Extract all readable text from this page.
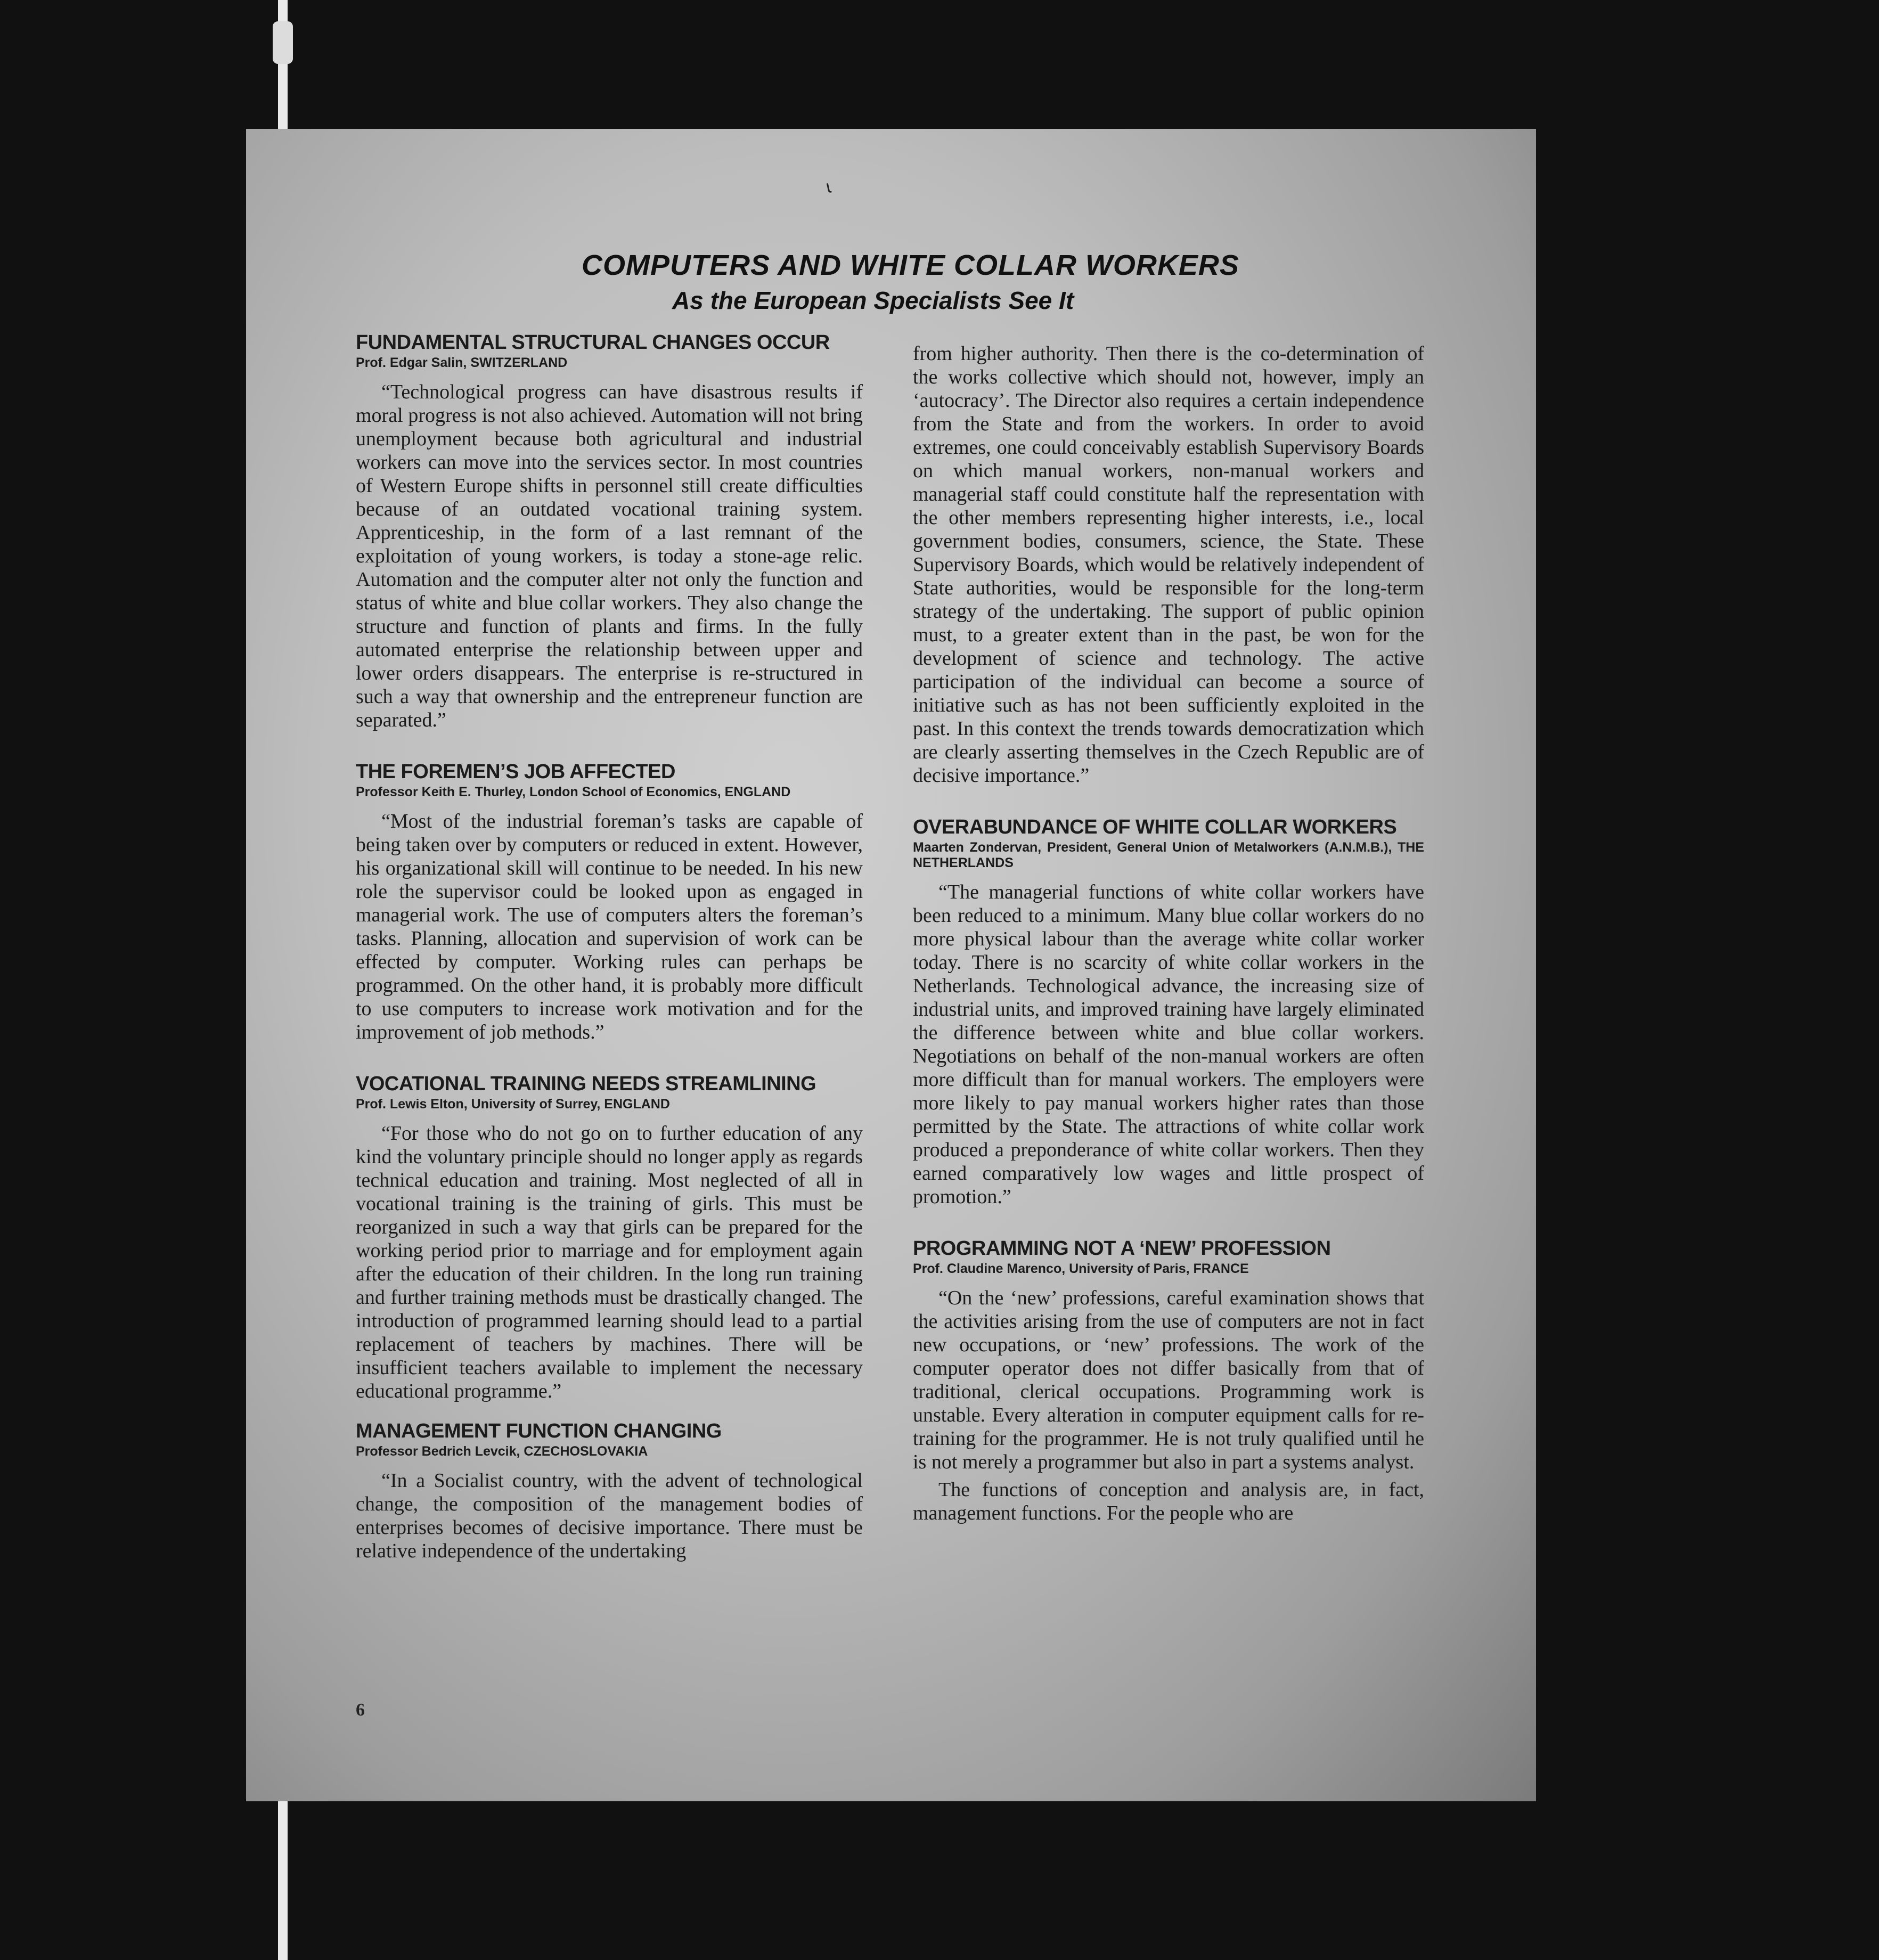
ɩ
COMPUTERS AND WHITE COLLAR WORKERS
As the European Specialists See It

FUNDAMENTAL STRUCTURAL CHANGES OCCUR

Prof. Edgar Salin, SWITZERLAND

“Technological progress can have disastrous results if moral progress is not also achieved. Automation will not bring unemployment because both agricultural and industrial workers can move into the services sector. In most countries of Western Europe shifts in personnel still create difficulties because of an outdated vocational training system. Apprenticeship, in the form of a last remnant of the exploitation of young workers, is today a stone-age relic. Automation and the computer alter not only the function and status of white and blue collar workers. They also change the structure and function of plants and firms. In the fully automated enterprise the relationship between upper and lower orders disappears. The enterprise is re-structured in such a way that ownership and the entrepreneur function are separated.”

THE FOREMEN’S JOB AFFECTED

Professor Keith E. Thurley, London School of Economics, ENGLAND

“Most of the industrial foreman’s tasks are capable of being taken over by computers or reduced in extent. However, his organizational skill will continue to be needed. In his new role the supervisor could be looked upon as engaged in managerial work. The use of computers alters the foreman’s tasks. Planning, allocation and supervision of work can be effected by computer. Working rules can perhaps be programmed. On the other hand, it is probably more difficult to use computers to increase work motivation and for the improvement of job methods.”

VOCATIONAL TRAINING NEEDS STREAMLINING

Prof. Lewis Elton, University of Surrey, ENGLAND

“For those who do not go on to further education of any kind the voluntary principle should no longer apply as regards technical education and training. Most neglected of all in vocational training is the training of girls. This must be reorganized in such a way that girls can be prepared for the working period prior to marriage and for employment again after the education of their children. In the long run training and further training methods must be drastically changed. The introduction of programmed learning should lead to a partial replacement of teachers by machines. There will be insufficient teachers available to implement the necessary educational programme.”

MANAGEMENT FUNCTION CHANGING

Professor Bedrich Levcik, CZECHOSLOVAKIA

“In a Socialist country, with the advent of technological change, the composition of the management bodies of enterprises becomes of decisive importance. There must be relative independence of the undertaking

from higher authority. Then there is the co-determination of the works collective which should not, however, imply an ‘autocracy’. The Director also requires a certain independence from the State and from the workers. In order to avoid extremes, one could conceivably establish Supervisory Boards on which manual workers, non-manual workers and managerial staff could constitute half the representation with the other members representing higher interests, i.e., local government bodies, consumers, science, the State. These Supervisory Boards, which would be relatively independent of State authorities, would be responsible for the long-term strategy of the undertaking. The support of public opinion must, to a greater extent than in the past, be won for the development of science and technology. The active participation of the individual can become a source of initiative such as has not been sufficiently exploited in the past. In this context the trends towards democratization which are clearly asserting themselves in the Czech Republic are of decisive importance.”

OVERABUNDANCE OF WHITE COLLAR WORKERS

Maarten Zondervan, President, General Union of Metalworkers (A.N.M.B.), THE NETHERLANDS

“The managerial functions of white collar workers have been reduced to a minimum. Many blue collar workers do no more physical labour than the average white collar worker today. There is no scarcity of white collar workers in the Netherlands. Technological advance, the increasing size of industrial units, and improved training have largely eliminated the difference between white and blue collar workers. Negotiations on behalf of the non-manual workers are often more difficult than for manual workers. The employers were more likely to pay manual workers higher rates than those permitted by the State. The attractions of white collar work produced a preponderance of white collar workers. Then they earned comparatively low wages and little prospect of promotion.”

PROGRAMMING NOT A ‘NEW’ PROFESSION

Prof. Claudine Marenco, University of Paris, FRANCE

“On the ‘new’ professions, careful examination shows that the activities arising from the use of computers are not in fact new occupations, or ‘new’ professions. The work of the computer operator does not differ basically from that of traditional, clerical occupations. Programming work is unstable. Every alteration in computer equipment calls for re-training for the programmer. He is not truly qualified until he is not merely a programmer but also in part a systems analyst.

The functions of conception and analysis are, in fact, management functions. For the people who are

6
